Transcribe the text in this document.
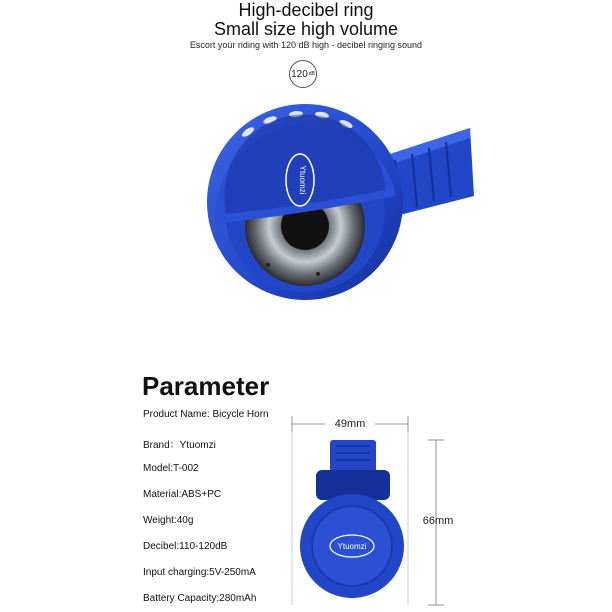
High-decibel ring
Small size high volume
Escort your riding with 120 dB high - decibel ringing sound
120 dB
Ytuomzi
Parameter
Product Name: Bicycle Horn
Brand：Ytuomzi
Model:T-002
Material:ABS+PC
Weight:40g
Decibel:110-120dB
Input charging:5V-250mA
Battery Capacity:280mAh
49mm
66mm
Ytuomzi
